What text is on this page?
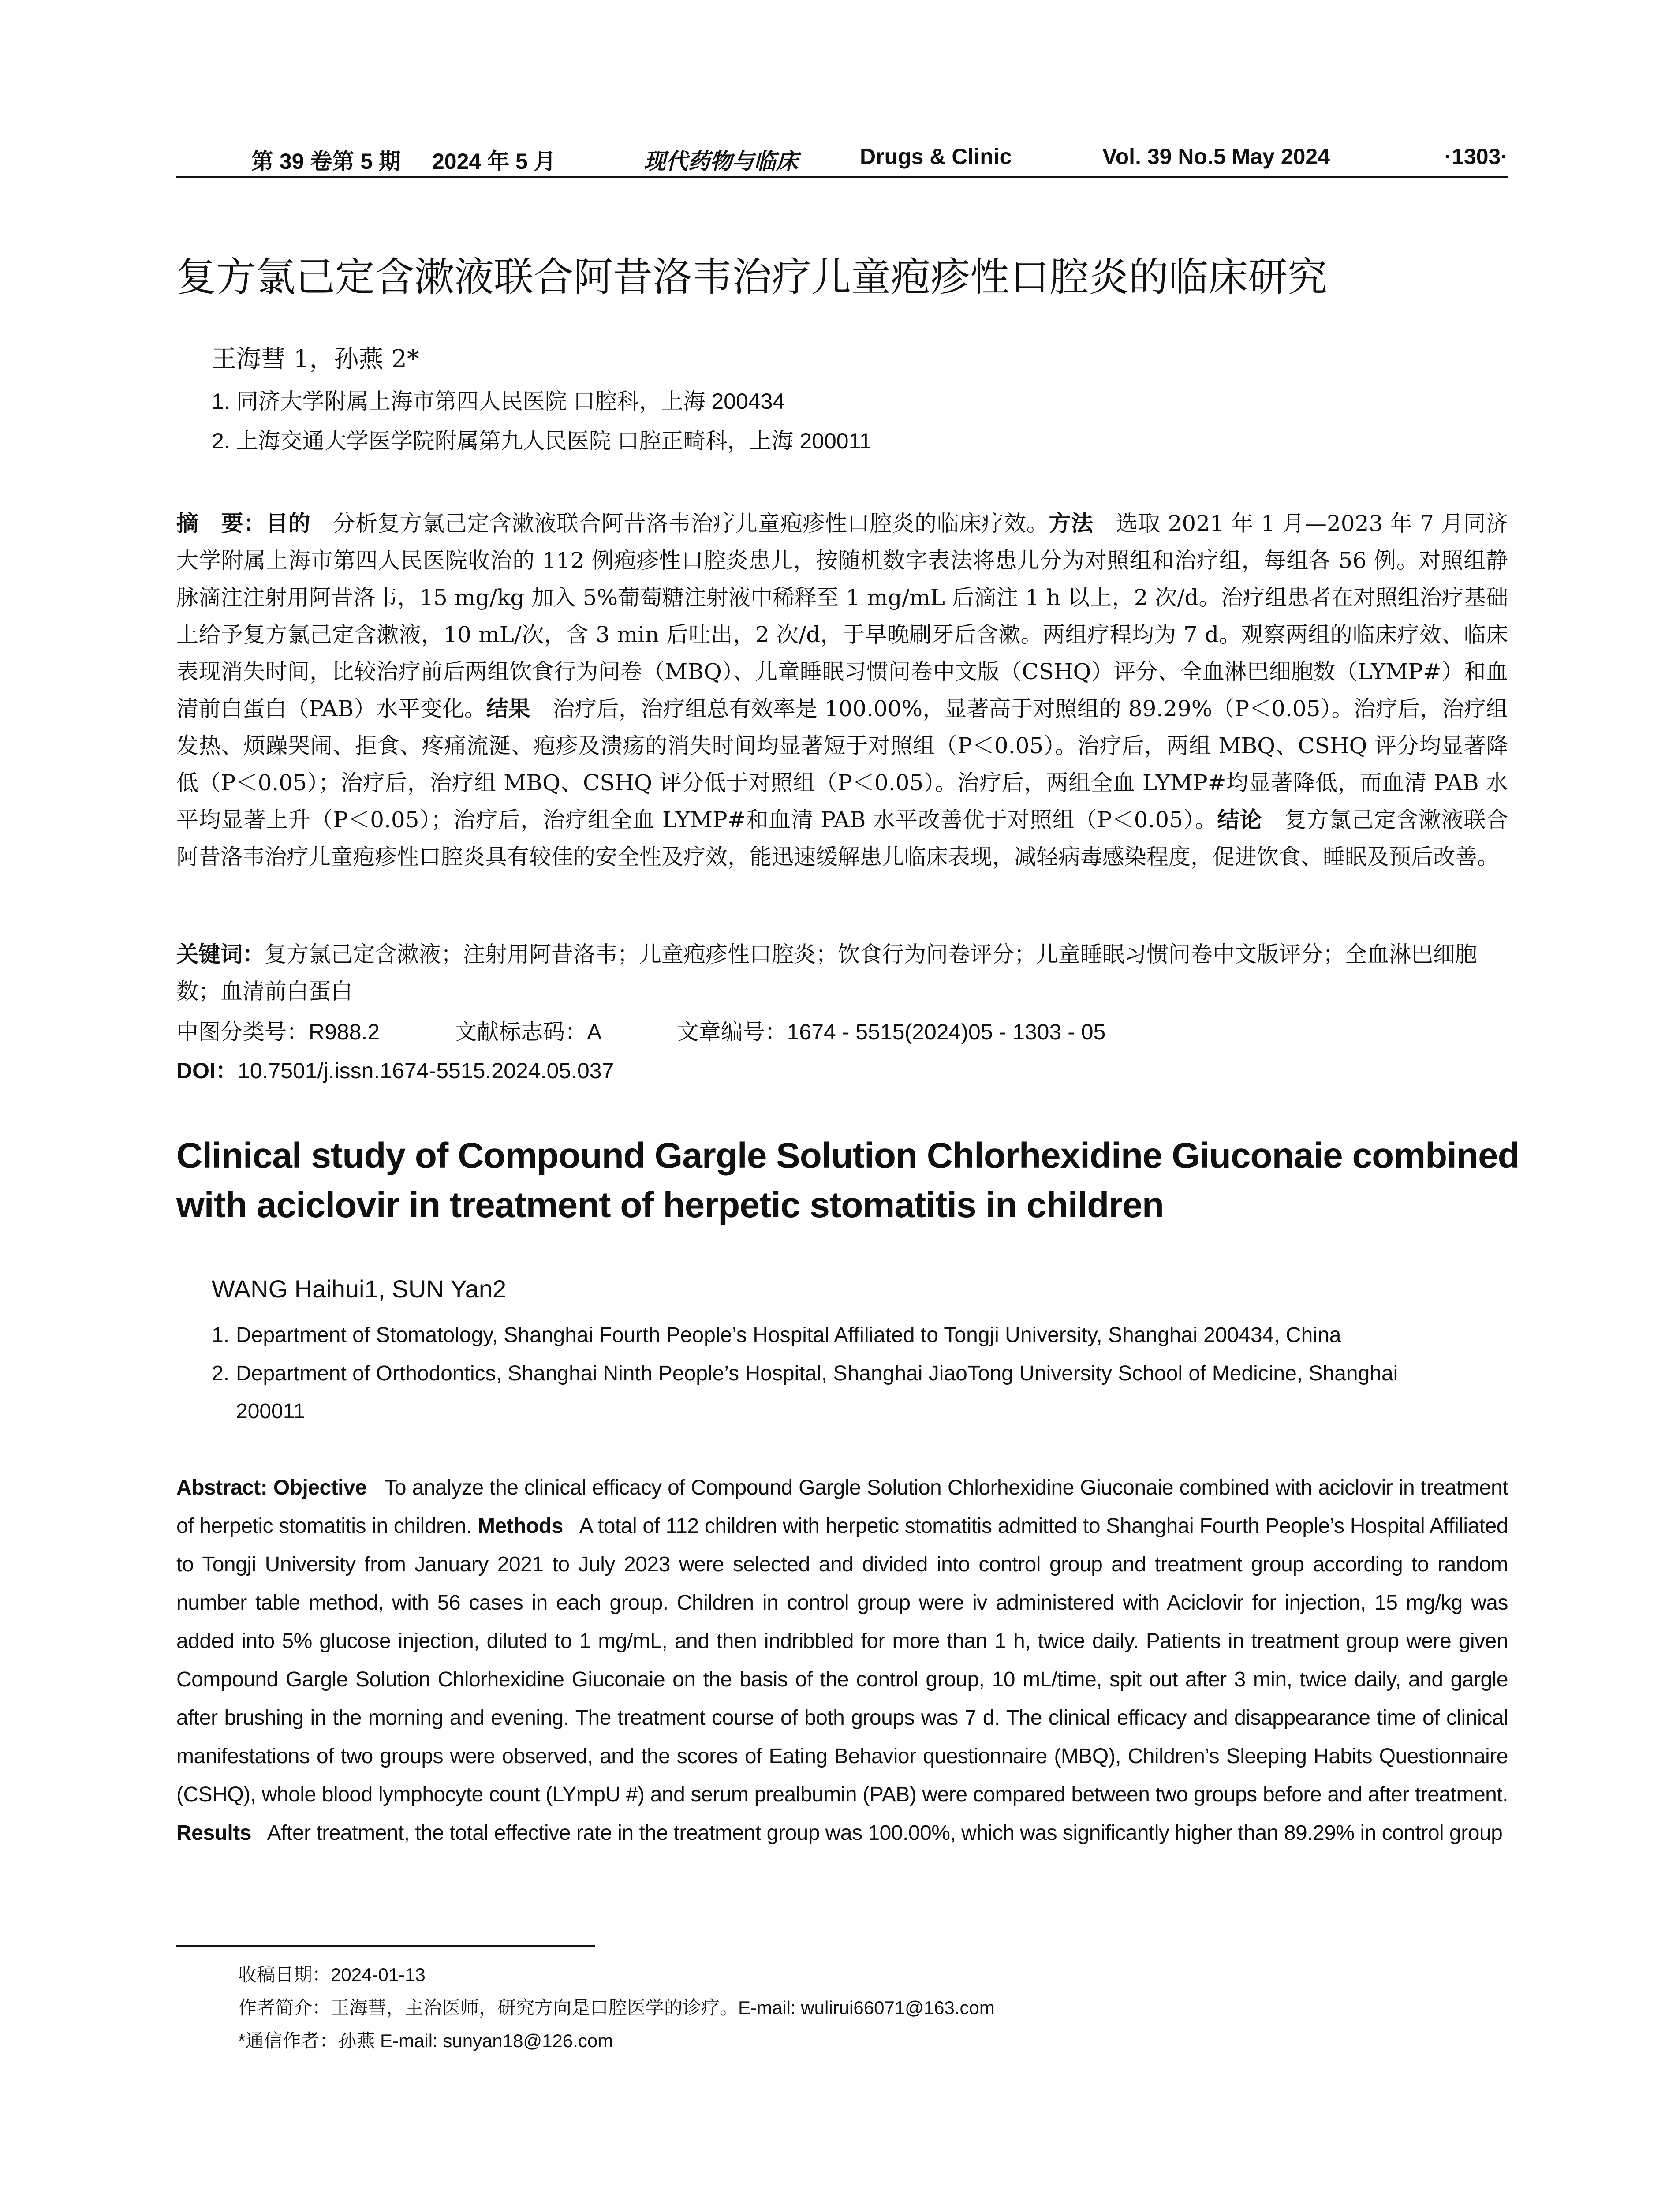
第 39 卷第 5 期 2024 年 5 月	现代药物与临床	Drugs & Clinic	Vol. 39 No.5 May 2024	·1303·
复方氯己定含漱液联合阿昔洛韦治疗儿童疱疹性口腔炎的临床研究
王海彗 1，孙燕 2*
1. 同济大学附属上海市第四人民医院 口腔科，上海 200434
2. 上海交通大学医学院附属第九人民医院 口腔正畸科，上海 200011
摘　要：目的　 分析复方氯己定含漱液联合阿昔洛韦治疗儿童疱疹性口腔炎的临床疗效。方法　 选取 2021 年 1 月—2023 年 7 月同济大学附属上海市第四人民医院收治的 112 例疱疹性口腔炎患儿，按随机数字表法将患儿分为对照组和治疗组，每组各 56 例。对照组静脉滴注注射用阿昔洛韦，15 mg/kg 加入 5%葡萄糖注射液中稀释至 1 mg/mL 后滴注 1 h 以上，2 次/d。治疗组患者在对照组治疗基础上给予复方氯己定含漱液，10 mL/次，含 3 min 后吐出，2 次/d，于早晚刷牙后含漱。两组疗程均为 7 d。观察两组的临床疗效、临床表现消失时间，比较治疗前后两组饮食行为问卷（MBQ）、儿童睡眠习惯问卷中文版（CSHQ）评分、全血淋巴细胞数（LYMP#）和血清前白蛋白（PAB）水平变化。结果　 治疗后，治疗组总有效率是 100.00%，显著高于对照组的 89.29%（P＜0.05）。治疗后，治疗组发热、烦躁哭闹、拒食、疼痛流涎、疱疹及溃疡的消失时间均显著短于对照组（P＜0.05）。治疗后，两组 MBQ、CSHQ 评分均显著降低（P＜0.05）；治疗后，治疗组 MBQ、CSHQ 评分低于对照组（P＜0.05）。治疗后，两组全血 LYMP#均显著降低，而血清 PAB 水平均显著上升（P＜0.05）；治疗后，治疗组全血 LYMP#和血清 PAB 水平改善优于对照组（P＜0.05）。结论　 复方氯己定含漱液联合阿昔洛韦治疗儿童疱疹性口腔炎具有较佳的安全性及疗效，能迅速缓解患儿临床表现，减轻病毒感染程度，促进饮食、睡眠及预后改善。
关键词：复方氯己定含漱液；注射用阿昔洛韦；儿童疱疹性口腔炎；饮食行为问卷评分；儿童睡眠习惯问卷中文版评分；全血淋巴细胞数；血清前白蛋白
中图分类号：R988.2	文献标志码：A	文章编号：1674 - 5515(2024)05 - 1303 - 05
DOI：10.7501/j.issn.1674-5515.2024.05.037
Clinical study of Compound Gargle Solution Chlorhexidine Giuconaie combined with aciclovir in treatment of herpetic stomatitis in children
WANG Haihui1, SUN Yan2
1. Department of Stomatology, Shanghai Fourth People’s Hospital Affiliated to Tongji University, Shanghai 200434, China
2. Department of Orthodontics, Shanghai Ninth People’s Hospital, Shanghai JiaoTong University School of Medicine, Shanghai
200011
Abstract: Objective To analyze the clinical efficacy of Compound Gargle Solution Chlorhexidine Giuconaie combined with aciclovir in treatment of herpetic stomatitis in children. Methods A total of 112 children with herpetic stomatitis admitted to Shanghai Fourth People’s Hospital Affiliated to Tongji University from January 2021 to July 2023 were selected and divided into control group and treatment group according to random number table method, with 56 cases in each group. Children in control group were iv administered with Aciclovir for injection, 15 mg/kg was added into 5% glucose injection, diluted to 1 mg/mL, and then indribbled for more than 1 h, twice daily. Patients in treatment group were given Compound Gargle Solution Chlorhexidine Giuconaie on the basis of the control group, 10 mL/time, spit out after 3 min, twice daily, and gargle after brushing in the morning and evening. The treatment course of both groups was 7 d. The clinical efficacy and disappearance time of clinical manifestations of two groups were observed, and the scores of Eating Behavior questionnaire (MBQ), Children’s Sleeping Habits Questionnaire (CSHQ), whole blood lymphocyte count (LYmpU #) and serum prealbumin (PAB) were compared between two groups before and after treatment. Results After treatment, the total effective rate in the treatment group was 100.00%, which was significantly higher than 89.29% in control group
收稿日期：2024-01-13
作者简介：王海彗，主治医师，研究方向是口腔医学的诊疗。E-mail: wulirui66071@163.com
*通信作者：孙燕 E-mail: sunyan18@126.com
